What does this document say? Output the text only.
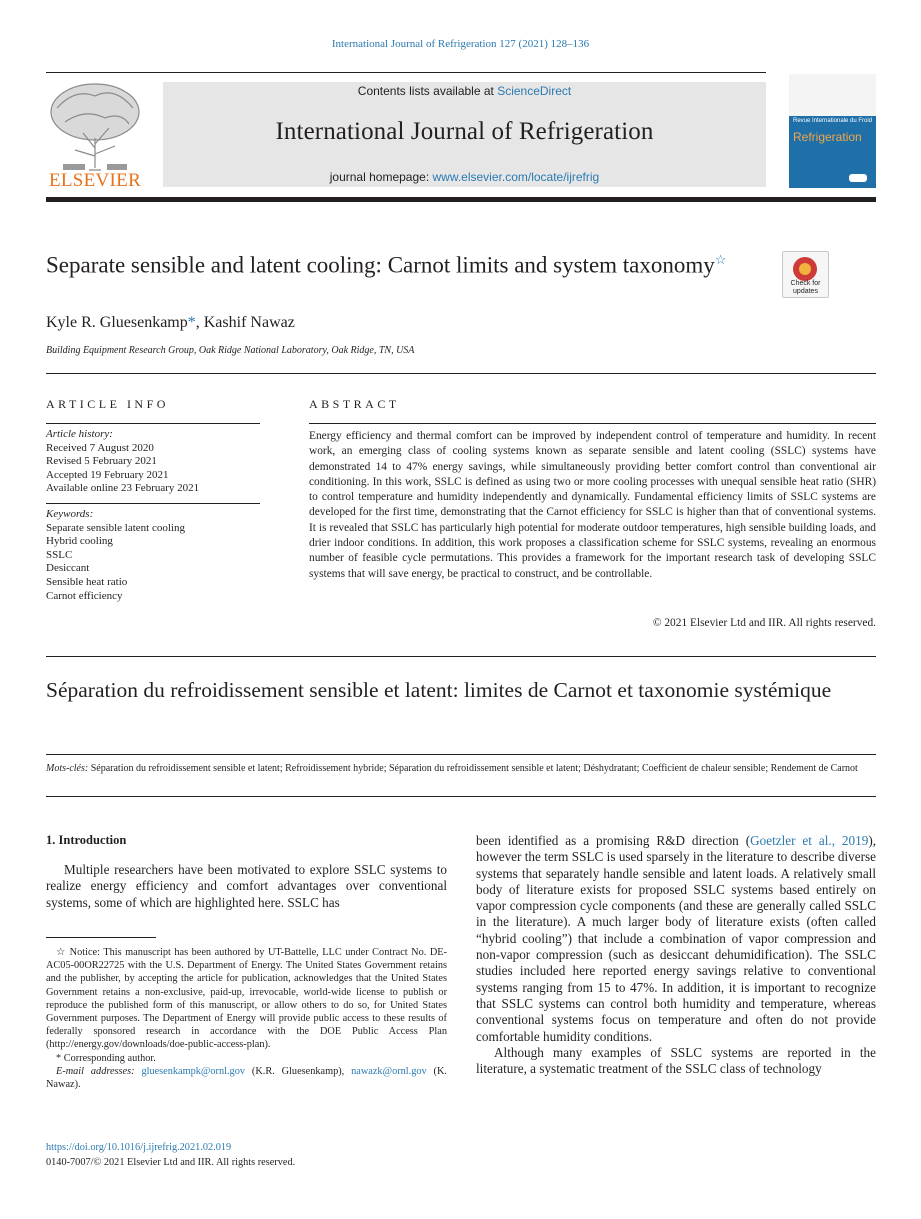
International Journal of Refrigeration 127 (2021) 128–136
ELSEVIER
Contents lists available at ScienceDirect
International Journal of Refrigeration
journal homepage: www.elsevier.com/locate/ijrefrig
Revue Internationale du Froid
Refrigeration
Separate sensible and latent cooling: Carnot limits and system taxonomy☆
Check for updates
Kyle R. Gluesenkamp*, Kashif Nawaz
Building Equipment Research Group, Oak Ridge National Laboratory, Oak Ridge, TN, USA
ARTICLE INFO	ABSTRACT
Article history:
Received 7 August 2020
Revised 5 February 2021
Accepted 19 February 2021
Available online 23 February 2021
Keywords:
Separate sensible latent cooling
Hybrid cooling
SSLC
Desiccant
Sensible heat ratio
Carnot efficiency
Energy efficiency and thermal comfort can be improved by independent control of temperature and humidity. In recent work, an emerging class of cooling systems known as separate sensible and latent cooling (SSLC) systems have demonstrated 14 to 47% energy savings, while simultaneously providing better comfort control than conventional air conditioning. In this work, SSLC is defined as using two or more cooling processes with unequal sensible heat ratio (SHR) to control temperature and humidity independently and dynamically. Fundamental efficiency limits of SSLC systems are developed for the first time, demonstrating that the Carnot efficiency for SSLC is higher than that of conventional systems. It is revealed that SSLC has particularly high potential for moderate outdoor temperatures, high sensible building loads, and drier indoor conditions. In addition, this work proposes a classification scheme for SSLC systems, revealing an enormous number of feasible cycle permutations. This provides a framework for the important research task of developing SSLC systems that will save energy, be practical to construct, and be controllable.
© 2021 Elsevier Ltd and IIR. All rights reserved.
Séparation du refroidissement sensible et latent: limites de Carnot et taxonomie systémique
Mots-clés: Séparation du refroidissement sensible et latent; Refroidissement hybride; Séparation du refroidissement sensible et latent; Déshydratant; Coefficient de chaleur sensible; Rendement de Carnot
1. Introduction
Multiple researchers have been motivated to explore SSLC systems to realize energy efficiency and comfort advantages over conventional systems, some of which are highlighted here. SSLC has

☆ Notice: This manuscript has been authored by UT-Battelle, LLC under Contract No. DE-AC05-00OR22725 with the U.S. Department of Energy. The United States Government retains and the publisher, by accepting the article for publication, acknowledges that the United States Government retains a non-exclusive, paid-up, irrevocable, world-wide license to publish or reproduce the published form of this manuscript, or allow others to do so, for United States Government purposes. The Department of Energy will provide public access to these results of federally sponsored research in accordance with the DOE Public Access Plan (http://energy.gov/downloads/doe-public-access-plan).

* Corresponding author.

E-mail addresses: gluesenkampk@ornl.gov (K.R. Gluesenkamp), nawazk@ornl.gov (K. Nawaz).

been identified as a promising R&D direction (Goetzler et al., 2019), however the term SSLC is used sparsely in the literature to describe diverse systems that separately handle sensible and latent loads. A relatively small body of literature exists for proposed SSLC systems based entirely on vapor compression cycle components (and these are generally called SSLC in the literature). A much larger body of literature exists (often called “hybrid cooling”) that include a combination of vapor compression and non-vapor compression (such as desiccant dehumidification). The SSLC studies included here reported energy savings relative to conventional systems ranging from 15 to 47%. In addition, it is important to recognize that SSLC systems can control both humidity and temperature, whereas conventional systems focus on temperature and often do not provide comfortable humidity conditions.

Although many examples of SSLC systems are reported in the literature, a systematic treatment of the SSLC class of technology

https://doi.org/10.1016/j.ijrefrig.2021.02.019
0140-7007/© 2021 Elsevier Ltd and IIR. All rights reserved.
